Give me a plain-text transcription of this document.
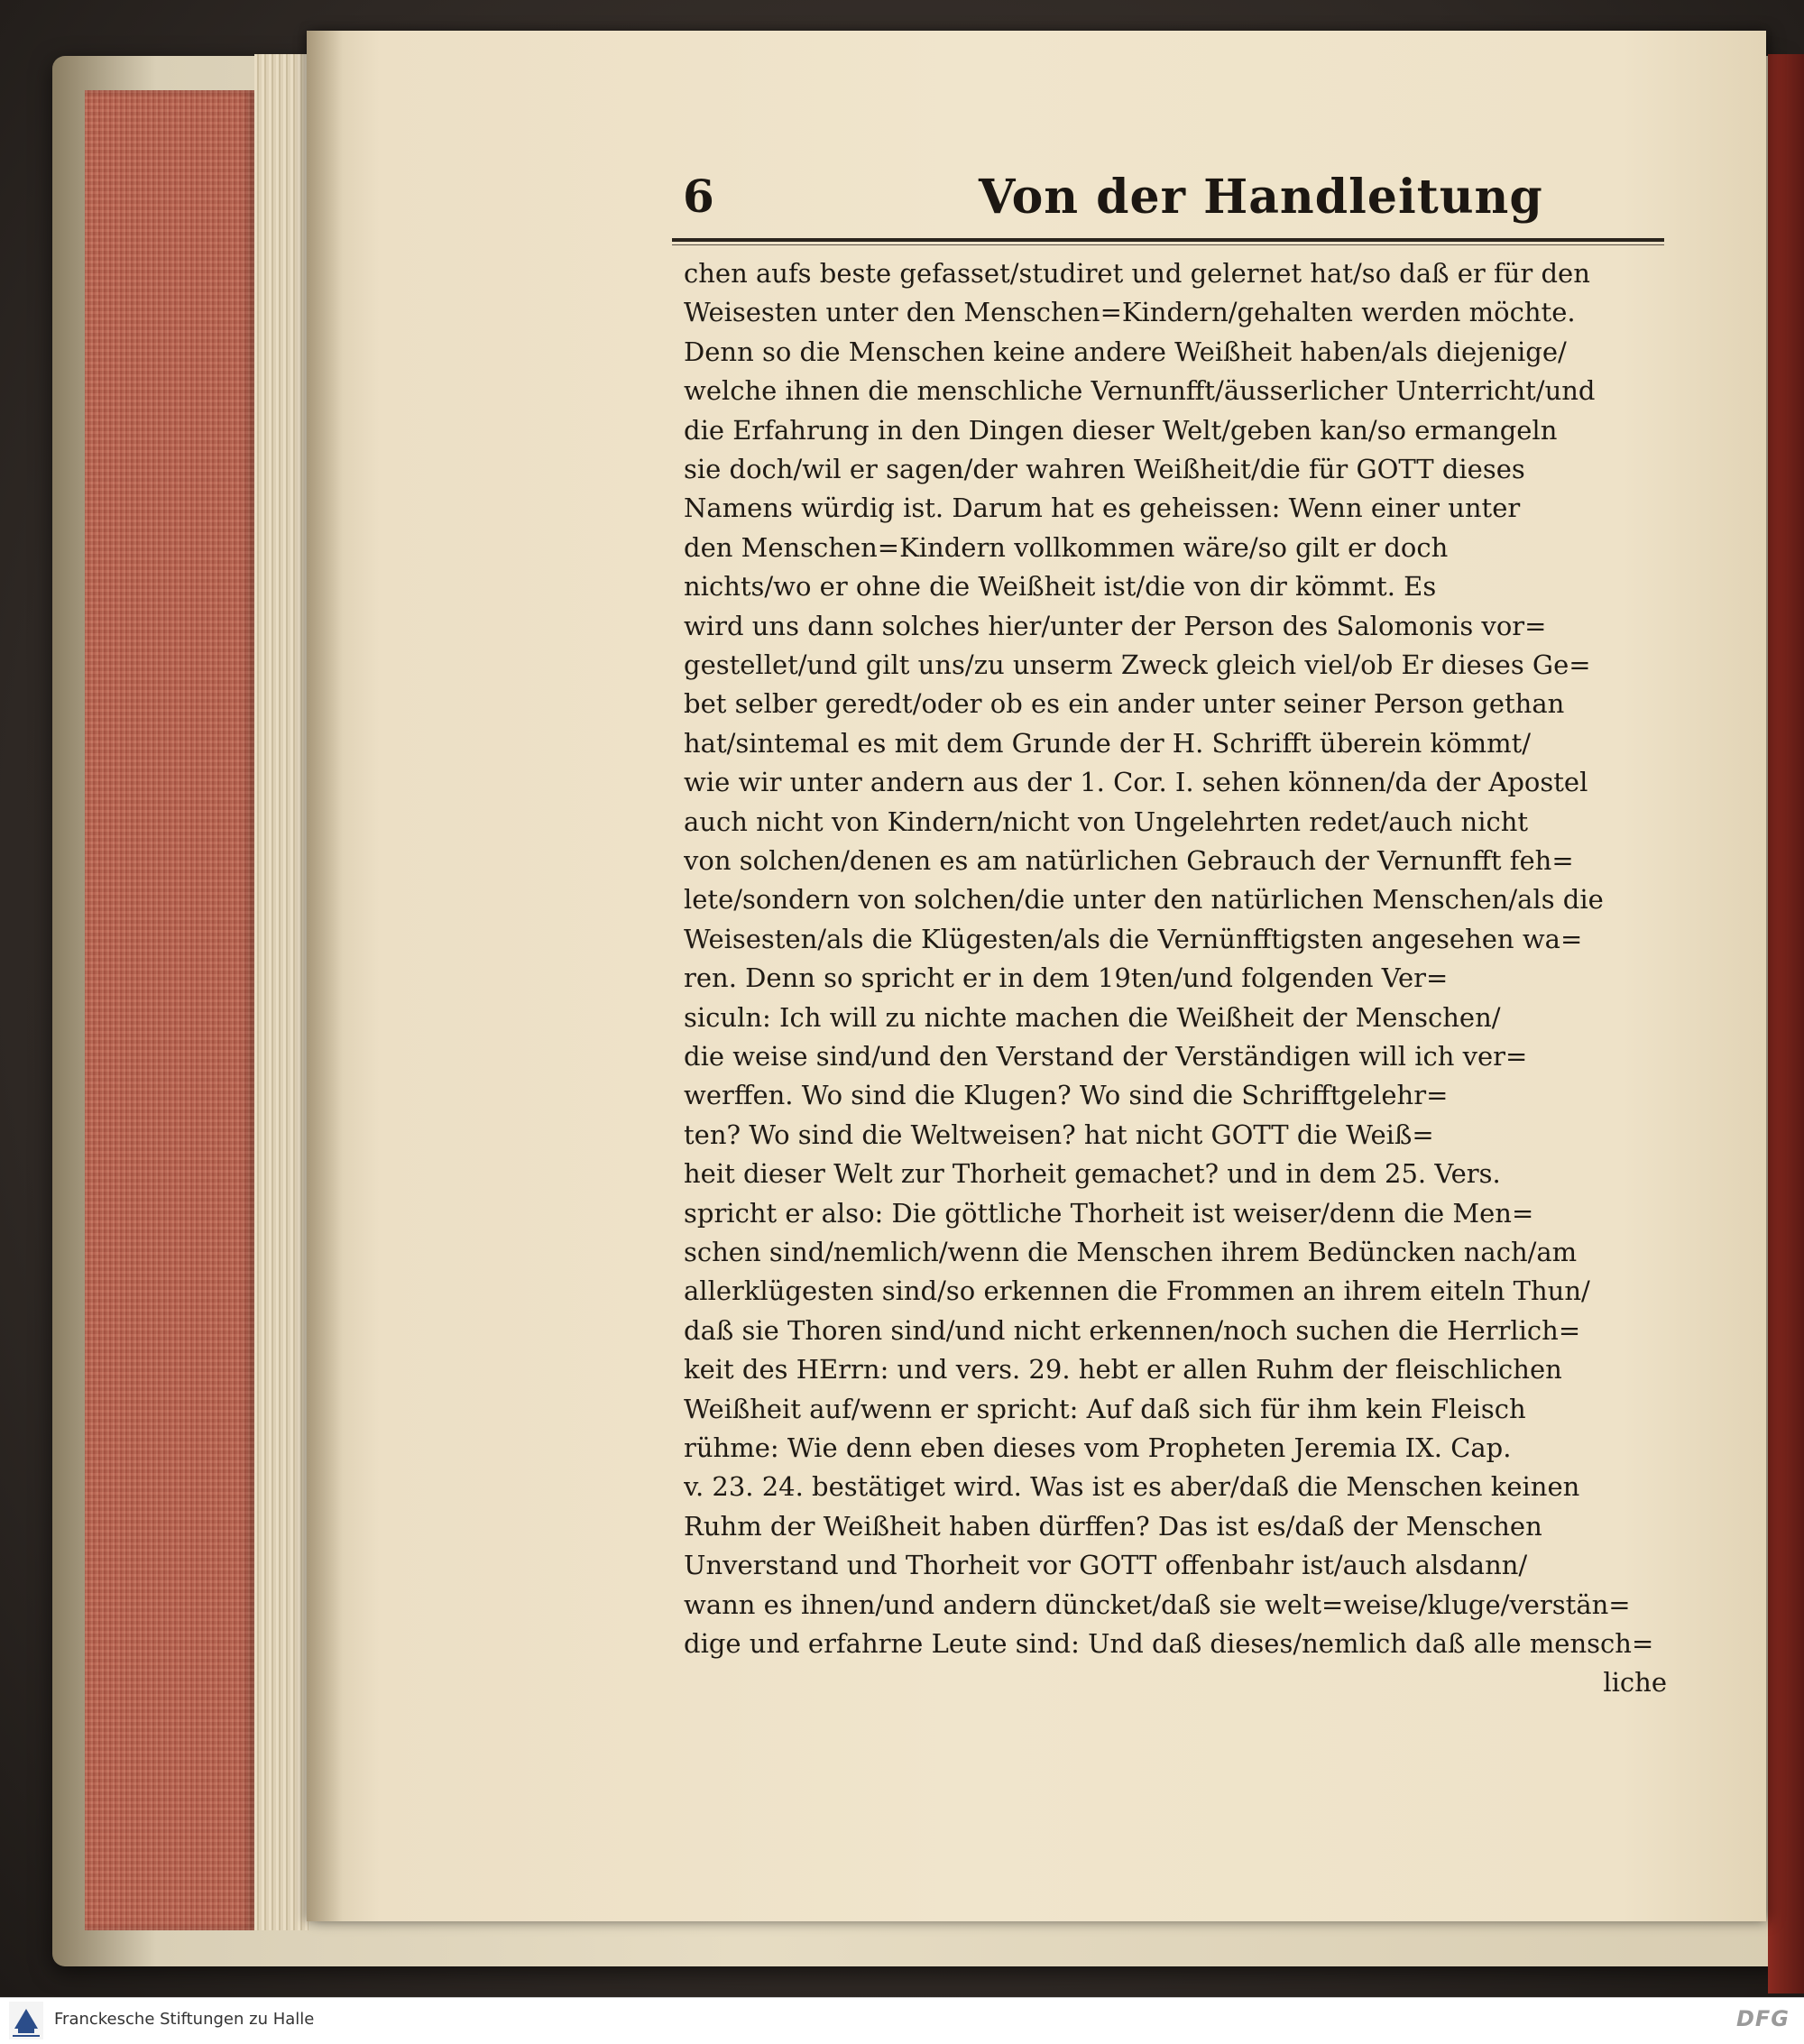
6	Von der Handleitung
chen aufs beste gefasset/studiret und gelernet hat/so daß er für den
Weisesten unter den Menschen=Kindern/gehalten werden möchte.
Denn so die Menschen keine andere Weißheit haben/als diejenige/
welche ihnen die menschliche Vernunfft/äusserlicher Unterricht/und
die Erfahrung in den Dingen dieser Welt/geben kan/so ermangeln
sie doch/wil er sagen/der wahren Weißheit/die für GOTT dieses
Namens würdig ist. Darum hat es geheissen: Wenn einer unter
den Menschen=Kindern vollkommen wäre/so gilt er doch
nichts/wo er ohne die Weißheit ist/die von dir kömmt. Es
wird uns dann solches hier/unter der Person des Salomonis vor=
gestellet/und gilt uns/zu unserm Zweck gleich viel/ob Er dieses Ge=
bet selber geredt/oder ob es ein ander unter seiner Person gethan
hat/sintemal es mit dem Grunde der H. Schrifft überein kömmt/
wie wir unter andern aus der 1. Cor. I. sehen können/da der Apostel
auch nicht von Kindern/nicht von Ungelehrten redet/auch nicht
von solchen/denen es am natürlichen Gebrauch der Vernunfft feh=
lete/sondern von solchen/die unter den natürlichen Menschen/als die
Weisesten/als die Klügesten/als die Vernünfftigsten angesehen wa=
ren. Denn so spricht er in dem 19ten/und folgenden Ver=
siculn: Ich will zu nichte machen die Weißheit der Menschen/
die weise sind/und den Verstand der Verständigen will ich ver=
werffen. Wo sind die Klugen? Wo sind die Schrifftgelehr=
ten? Wo sind die Weltweisen? hat nicht GOTT die Weiß=
heit dieser Welt zur Thorheit gemachet? und in dem 25. Vers.
spricht er also: Die göttliche Thorheit ist weiser/denn die Men=
schen sind/nemlich/wenn die Menschen ihrem Bedüncken nach/am
allerklügesten sind/so erkennen die Frommen an ihrem eiteln Thun/
daß sie Thoren sind/und nicht erkennen/noch suchen die Herrlich=
keit des HErrn: und vers. 29. hebt er allen Ruhm der fleischlichen
Weißheit auf/wenn er spricht: Auf daß sich für ihm kein Fleisch
rühme: Wie denn eben dieses vom Propheten Jeremia IX. Cap.
v. 23. 24. bestätiget wird. Was ist es aber/daß die Menschen keinen
Ruhm der Weißheit haben dürffen? Das ist es/daß der Menschen
Unverstand und Thorheit vor GOTT offenbahr ist/auch alsdann/
wann es ihnen/und andern düncket/daß sie welt=weise/kluge/verstän=
dige und erfahrne Leute sind: Und daß dieses/nemlich daß alle mensch=
liche
Franckesche Stiftungen zu Halle	DFG
